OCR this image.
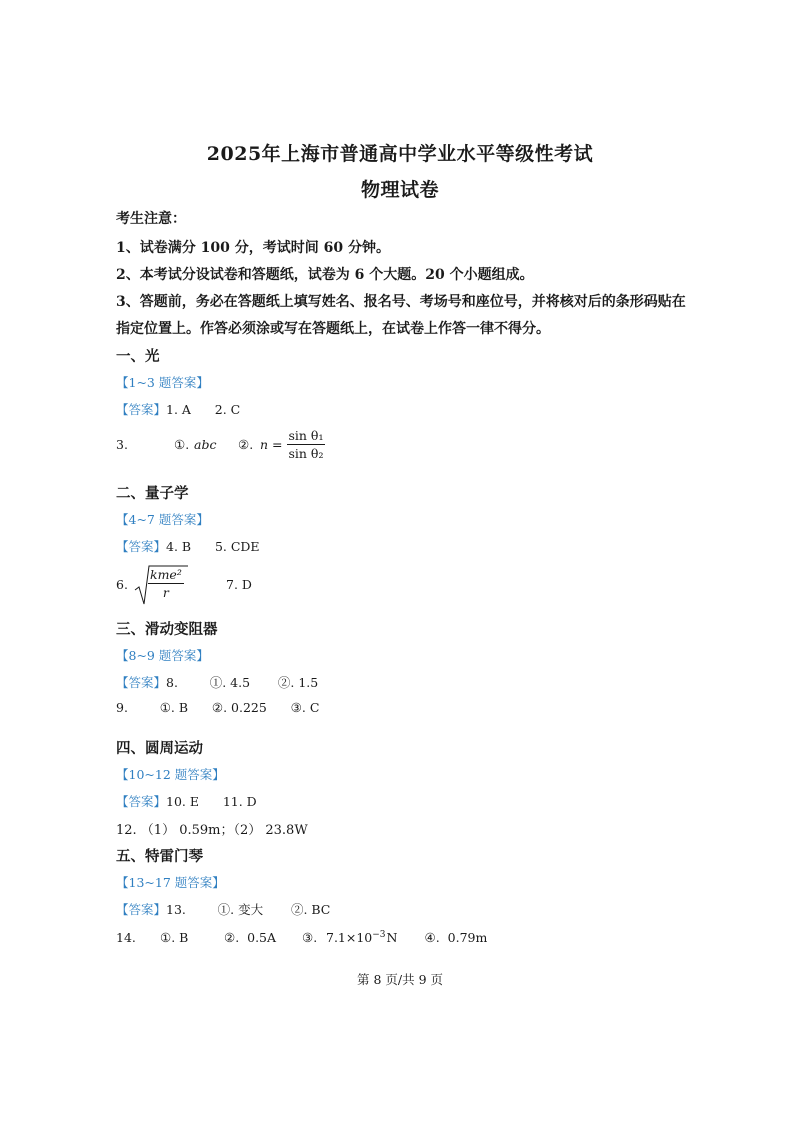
2025年上海市普通高中学业水平等级性考试
物理试卷
考生注意：
1、试卷满分 100 分，考试时间 60 分钟。
2、本考试分设试卷和答题纸，试卷为 6 个大题。20 个小题组成。
3、答题前，务必在答题纸上填写姓名、报名号、考场号和座位号，并将核对后的条形码贴在
指定位置上。作答必须涂或写在答题纸上，在试卷上作答一律不得分。
一、光
【1~3 题答案】
【答案】1. A      2. C
3.	①. abc ②. $n = \frac{\text{sin θ₁}}{\text{sin θ₂}}$
二、量子学
【4~7 题答案】
【答案】4. B      5. CDE
6.
kme²
r
7. D
三、滑动变阻器
【8~9 题答案】
【答案】8.        ①. 4.5       ②. 1.5
9.        ①. B      ②. 0.225      ③. C
四、圆周运动
【10~12 题答案】
【答案】10. E      11. D
12. （1） 0.59m；（2） 23.8W
五、特雷门琴
【13~17 题答案】
【答案】13.        ①. 变大       ②. BC
14. ①. B	②.  0.5A ③. $7.1\times 10^{-3}N$ ④.  0.79m
第 8 页/共 9 页
